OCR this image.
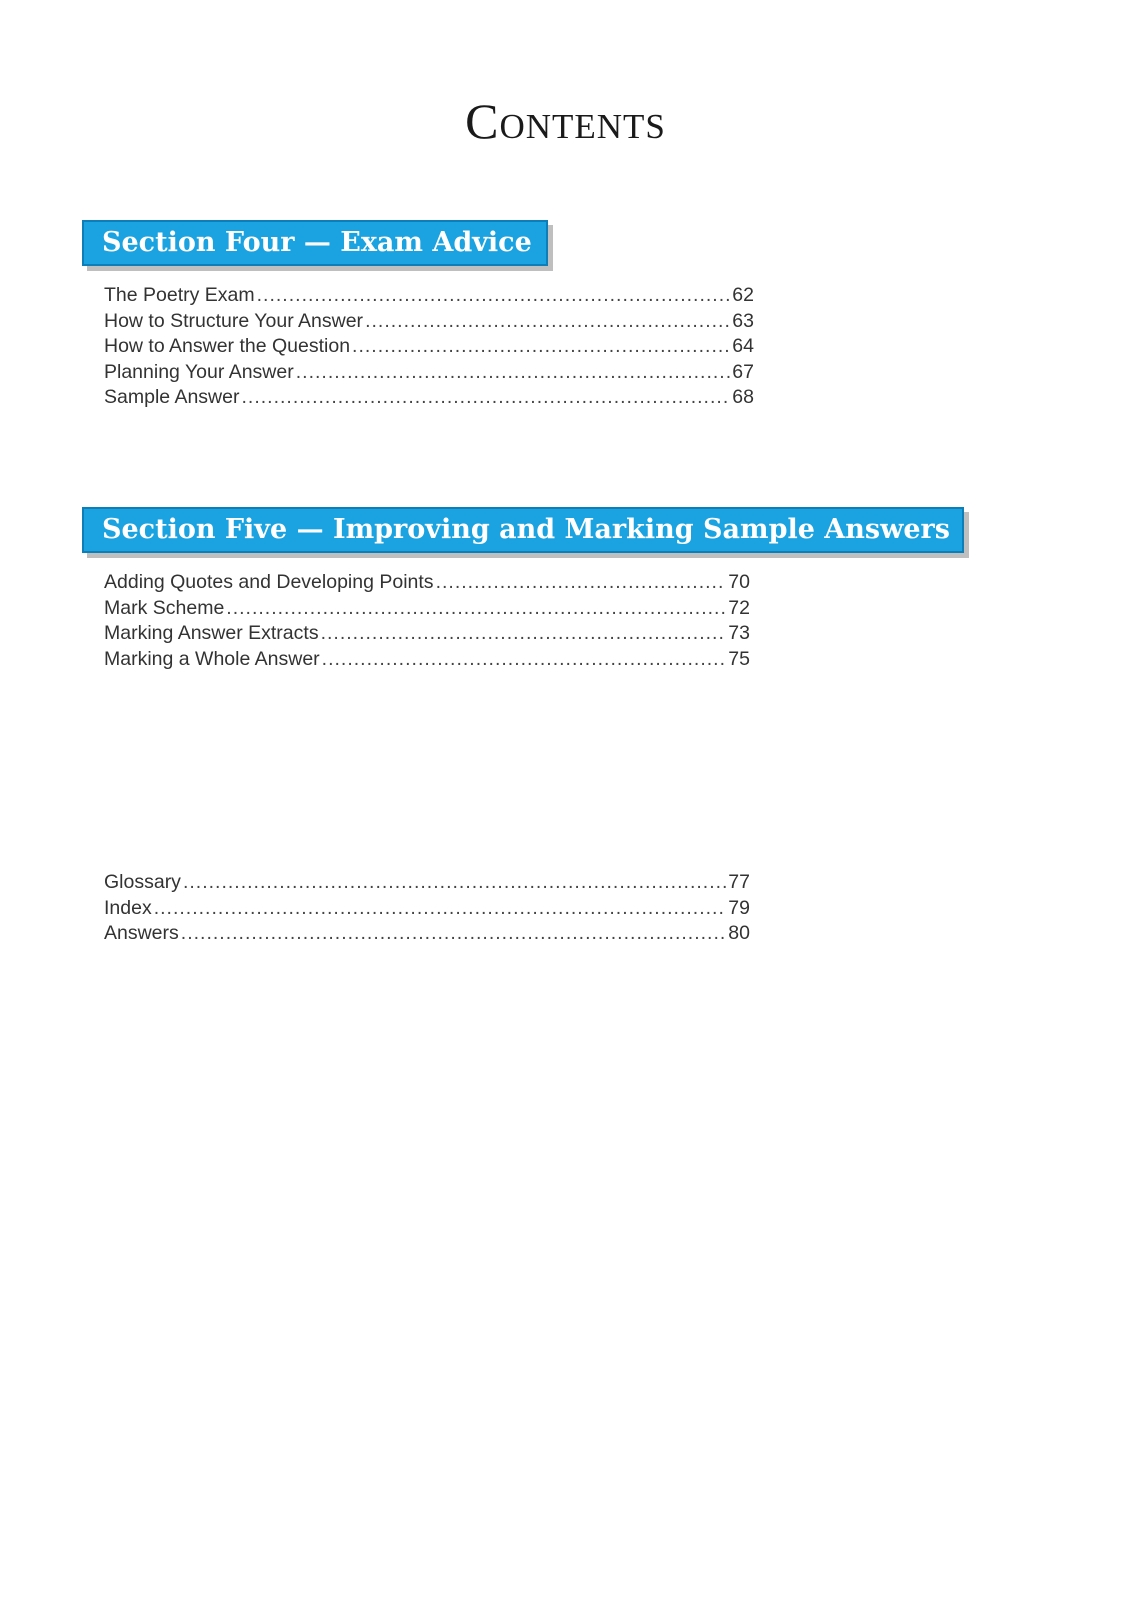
Contents
Section Four — Exam Advice
The Poetry Exam .....	62
How to Structure Your Answer .....	63
How to Answer the Question .....	64
Planning Your Answer .....	67
Sample Answer .....	68
Section Five — Improving and Marking Sample Answers
Adding Quotes and Developing Points .....	70
Mark Scheme .....	72
Marking Answer Extracts .....	73
Marking a Whole Answer .....	75
Glossary .....	77
Index .....	79
Answers .....	80
